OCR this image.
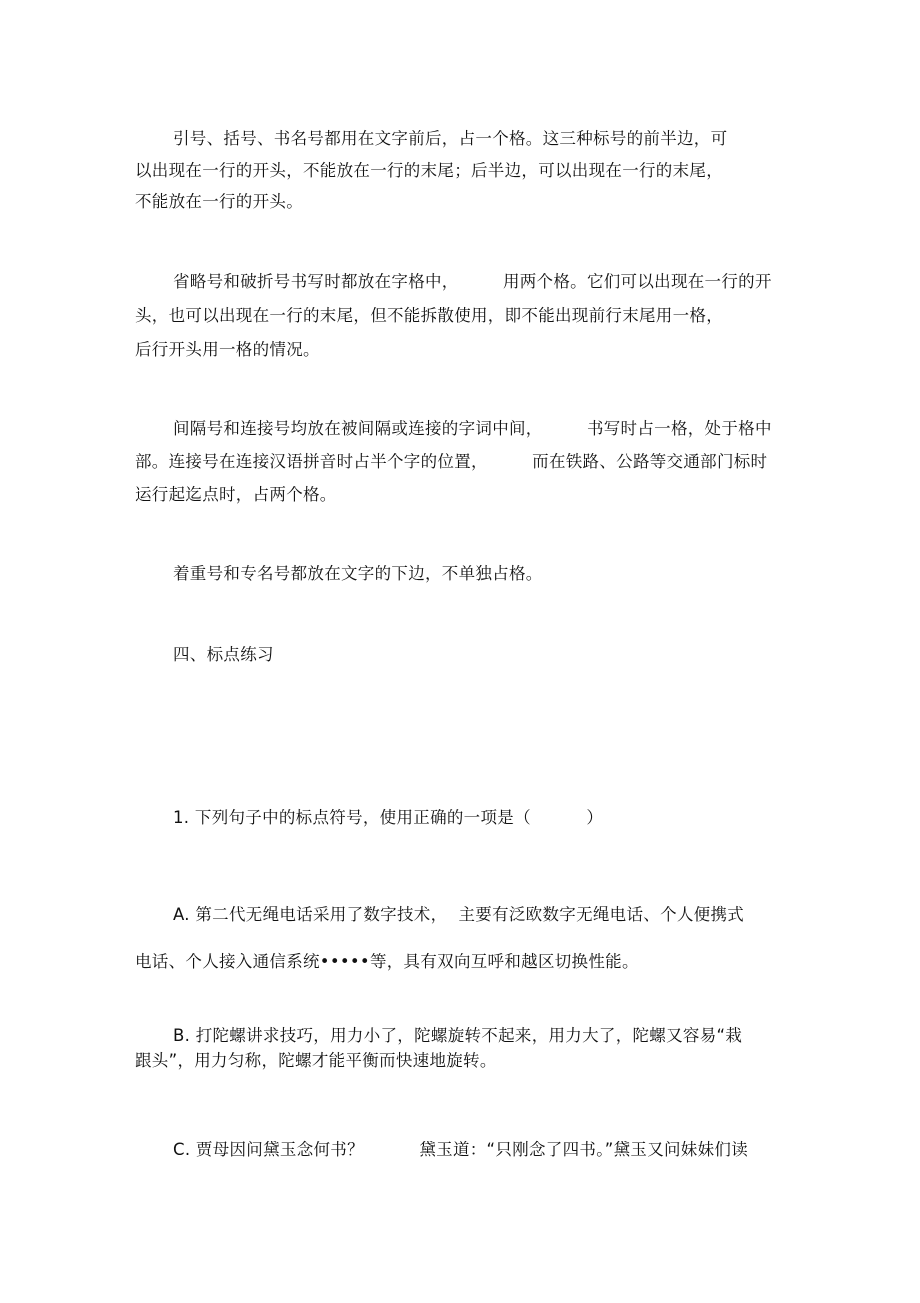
引号、括号、书名号都用在文字前后，占一个格。这三种标号的前半边，可
以出现在一行的开头，不能放在一行的末尾；后半边，可以出现在一行的末尾，
不能放在一行的开头。
省略号和破折号书写时都放在字格中，        用两个格。它们可以出现在一行的开
头，也可以出现在一行的末尾，但不能拆散使用，即不能出现前行末尾用一格，
后行开头用一格的情况。
间隔号和连接号均放在被间隔或连接的字词中间，        书写时占一格，处于格中
部。连接号在连接汉语拼音时占半个字的位置，        而在铁路、公路等交通部门标时
运行起迄点时，占两个格。
着重号和专名号都放在文字的下边，不单独占格。
四、标点练习
1. 下列句子中的标点符号，使用正确的一项是（          ）
A. 第二代无绳电话采用了数字技术，  主要有泛欧数字无绳电话、个人便携式
电话、个人接入通信系统•••••等，具有双向互呼和越区切换性能。
B. 打陀螺讲求技巧，用力小了，陀螺旋转不起来，用力大了，陀螺又容易“栽
跟头”，用力匀称，陀螺才能平衡而快速地旋转。
C. 贾母因问黛玉念何书？          黛玉道：“只刚念了四书。”黛玉又问妹妹们读
